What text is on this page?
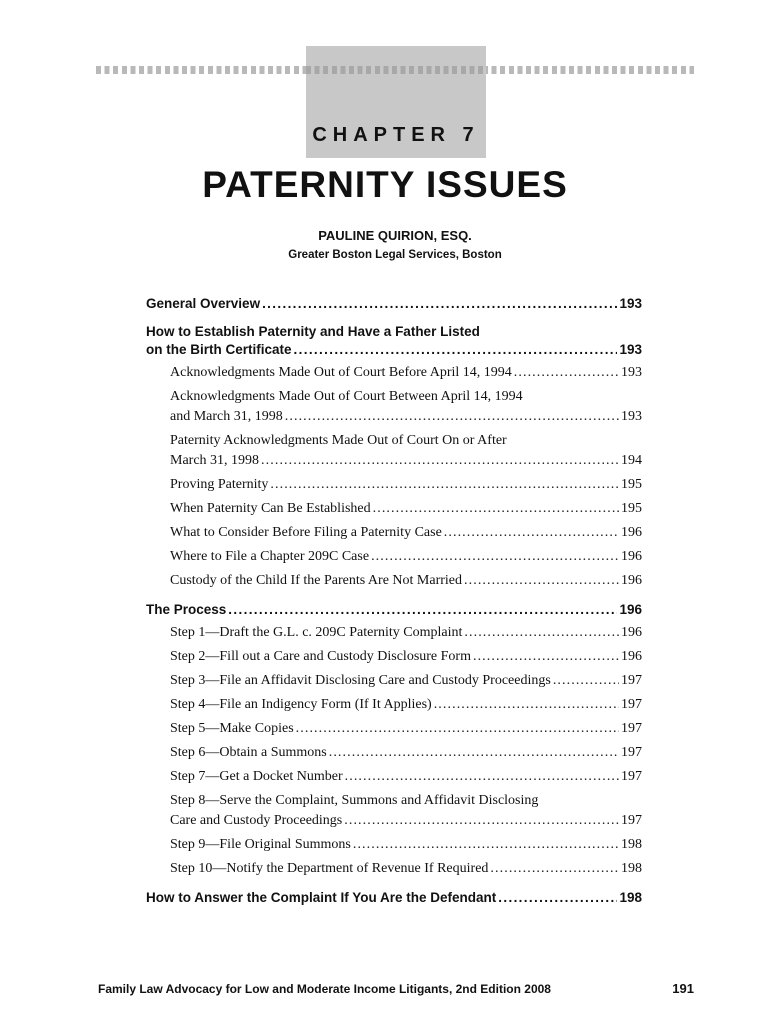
CHAPTER 7
PATERNITY ISSUES
PAULINE QUIRION, ESQ.
Greater Boston Legal Services, Boston
General Overview . . .	193
How to Establish Paternity and Have a Father Listed
on the Birth Certificate . . .	193
Acknowledgments Made Out of Court Before April 14, 1994 . . .	193
Acknowledgments Made Out of Court Between April 14, 1994
and March 31, 1998 . . .	193
Paternity Acknowledgments Made Out of Court On or After
March 31, 1998 . . .	194
Proving Paternity . . .	195
When Paternity Can Be Established . . .	195
What to Consider Before Filing a Paternity Case . . .	196
Where to File a Chapter 209C Case . . .	196
Custody of the Child If the Parents Are Not Married . . .	196
The Process . . .	196
Step 1—Draft the G.L. c. 209C Paternity Complaint . . .	196
Step 2—Fill out a Care and Custody Disclosure Form . . .	196
Step 3—File an Affidavit Disclosing Care and Custody Proceedings . . .	197
Step 4—File an Indigency Form (If It Applies) . . .	197
Step 5—Make Copies . . .	197
Step 6—Obtain a Summons . . .	197
Step 7—Get a Docket Number . . .	197
Step 8—Serve the Complaint, Summons and Affidavit Disclosing
Care and Custody Proceedings . . .	197
Step 9—File Original Summons . . .	198
Step 10—Notify the Department of Revenue If Required . . .	198
How to Answer the Complaint If You Are the Defendant . . .	198
Family Law Advocacy for Low and Moderate Income Litigants, 2nd Edition 2008	191
